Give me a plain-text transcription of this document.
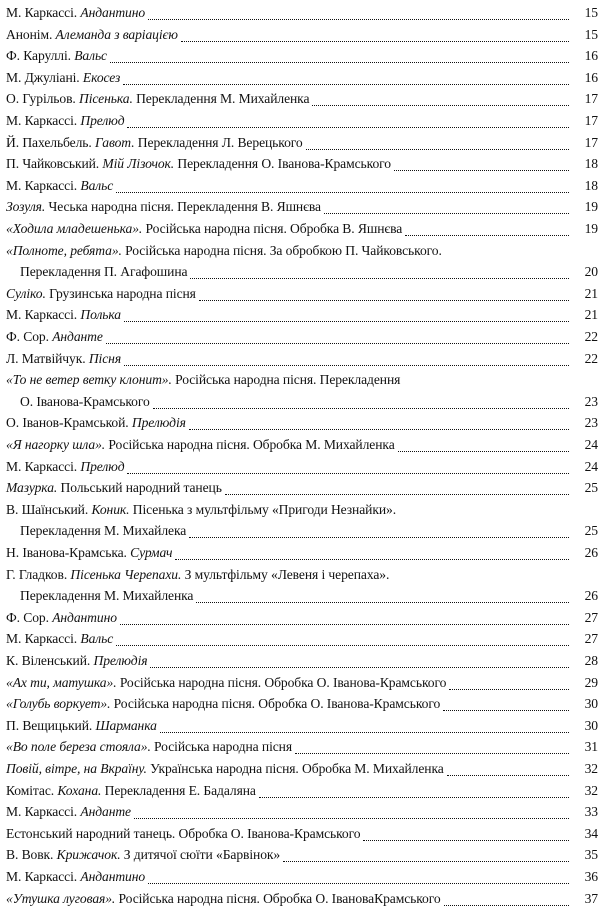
М. Каркассі. Андантино	15
Анонім. Алеманда з варіацією	15
Ф. Каруллі. Вальс	16
М. Джуліані. Екосез	16
О. Гурільов. Пісенька. Перекладення М. Михайленка	17
М. Каркассі. Прелюд	17
Й. Пахельбель. Гавот. Перекладення Л. Верецького	17
П. Чайковський. Мій Лізочок. Перекладення О. Іванова-Крамського	18
М. Каркассі. Вальс	18
Зозуля. Чеська народна пісня. Перекладення В. Яшнєва	19
«Ходила младешенька». Російська народна пісня. Обробка В. Яшнєва	19
«Полноте, ребята». Російська народна пісня. За обробкою П. Чайковського.
Перекладення П. Агафошина	20
Суліко. Грузинська народна пісня	21
М. Каркассі. Полька	21
Ф. Сор. Анданте	22
Л. Матвійчук. Пісня	22
«То не ветер ветку клонит». Російська народна пісня. Перекладення
О. Іванова-Крамського	23
О. Іванов-Крамськой. Прелюдія	23
«Я нагорку шла». Російська народна пісня. Обробка М. Михайленка	24
М. Каркассі. Прелюд	24
Мазурка. Польський народний танець	25
В. Шаїнський. Коник. Пісенька з мультфільму «Пригоди Незнайки».
Перекладення М. Михайлека	25
Н. Іванова-Крамська. Сурмач	26
Г. Гладков. Пісенька Черепахи. З мультфільму «Левеня і черепаха».
Перекладення М. Михайленка	26
Ф. Сор. Андантино	27
М. Каркассі. Вальс	27
К. Віленський. Прелюдія	28
«Ах ти, матушка». Російська народна пісня. Обробка О. Іванова-Крамського	29
«Голубь воркует». Російська народна пісня. Обробка О. Іванова-Крамського	30
П. Вещицький. Шарманка	30
«Во поле береза стояла». Російська народна пісня	31
Повій, вітре, на Вкраїну. Українська народна пісня. Обробка М. Михайленка	32
Комітас. Кохана. Перекладення Е. Бадаляна	32
М. Каркассі. Анданте	33
Естонський народний танець. Обробка О. Іванова-Крамського	34
В. Вовк. Крижачок. З дитячої сюїти «Барвінок»	35
М. Каркассі. Андантино	36
«Утушка луговая». Російська народна пісня. Обробка О. ІвановаКрамського	37
